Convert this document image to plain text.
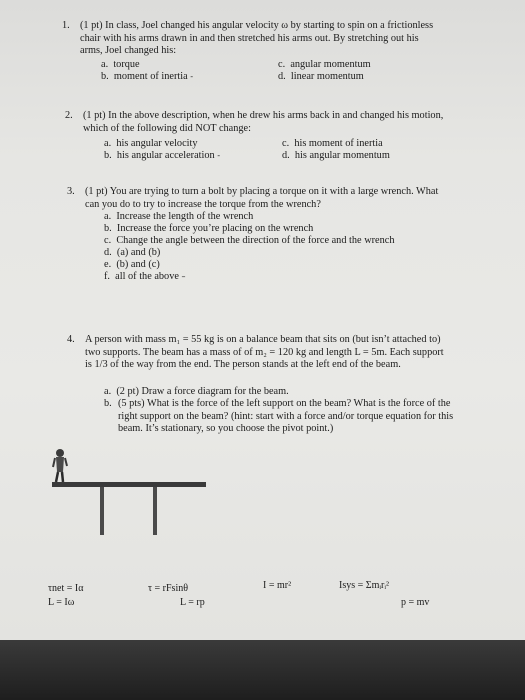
1. (1 pt) In class, Joel changed his angular velocity ω by starting to spin on a frictionless
chair with his arms drawn in and then stretched his arms out. By stretching out his
arms, Joel changed his:
a. torque
b. moment of inertia -
c. angular momentum
d. linear momentum
2. (1 pt) In the above description, when he drew his arms back in and changed his motion,
which of the following did NOT change:
a. his angular velocity
b. his angular acceleration -
c. his moment of inertia
d. his angular momentum
3. (1 pt) You are trying to turn a bolt by placing a torque on it with a large wrench. What
can you do to try to increase the torque from the wrench?
a. Increase the length of the wrench
b. Increase the force you’re placing on the wrench
c. Change the angle between the direction of the force and the wrench
d. (a) and (b)
e. (b) and (c)
f. all of the above –
4. A person with mass m₁ = 55 kg is on a balance beam that sits on (but isn’t attached to)
two supports. The beam has a mass of of m₂ = 120 kg and length L = 5m. Each support
is 1/3 of the way from the end. The person stands at the left end of the beam.
a. (2 pt) Draw a force diagram for the beam.
b. (5 pts) What is the force of the left support on the beam? What is the force of the
right support on the beam? (hint: start with a force and/or torque equation for this
beam. It’s stationary, so you choose the pivot point.)
τnet = Iα
L = Iω
τ = rFsinθ
L = rp
I = mr²	Isys = Σmᵢrᵢ²
p = mv
